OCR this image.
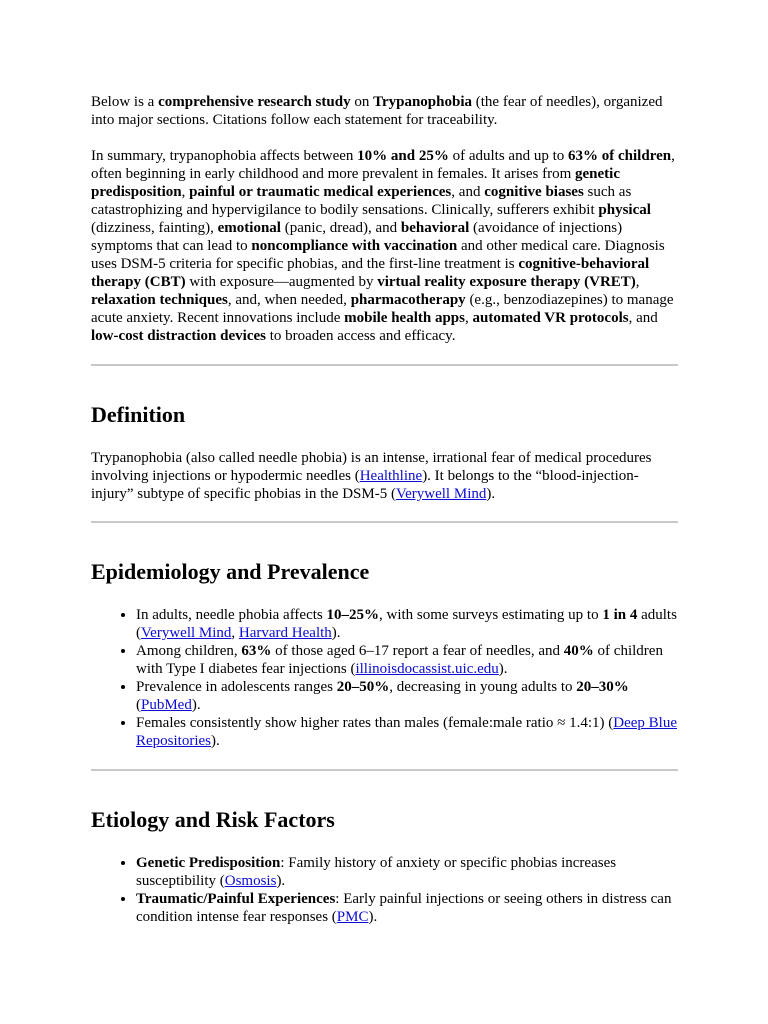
Below is a comprehensive research study on Trypanophobia (the fear of needles), organized into major sections. Citations follow each statement for traceability.

In summary, trypanophobia affects between 10% and 25% of adults and up to 63% of children, often beginning in early childhood and more prevalent in females. It arises from genetic predisposition, painful or traumatic medical experiences, and cognitive biases such as catastrophizing and hypervigilance to bodily sensations. Clinically, sufferers exhibit physical (dizziness, fainting), emotional (panic, dread), and behavioral (avoidance of injections) symptoms that can lead to noncompliance with vaccination and other medical care. Diagnosis uses DSM-5 criteria for specific phobias, and the first-line treatment is cognitive-behavioral therapy (CBT) with exposure—augmented by virtual reality exposure therapy (VRET), relaxation techniques, and, when needed, pharmacotherapy (e.g., benzodiazepines) to manage acute anxiety. Recent innovations include mobile health apps, automated VR protocols, and low-cost distraction devices to broaden access and efficacy.

Definition

Trypanophobia (also called needle phobia) is an intense, irrational fear of medical procedures involving injections or hypodermic needles (Healthline). It belongs to the “blood-injection-injury” subtype of specific phobias in the DSM-5 (Verywell Mind).

Epidemiology and Prevalence
• In adults, needle phobia affects 10–25%, with some surveys estimating up to 1 in 4 adults (Verywell Mind, Harvard Health).
• Among children, 63% of those aged 6–17 report a fear of needles, and 40% of children with Type I diabetes fear injections (illinoisdocassist.uic.edu).
• Prevalence in adolescents ranges 20–50%, decreasing in young adults to 20–30% (PubMed).
• Females consistently show higher rates than males (female:male ratio ≈ 1.4:1) (Deep Blue Repositories).
Etiology and Risk Factors
• Genetic Predisposition: Family history of anxiety or specific phobias increases susceptibility (Osmosis).
• Traumatic/Painful Experiences: Early painful injections or seeing others in distress can condition intense fear responses (PMC).
